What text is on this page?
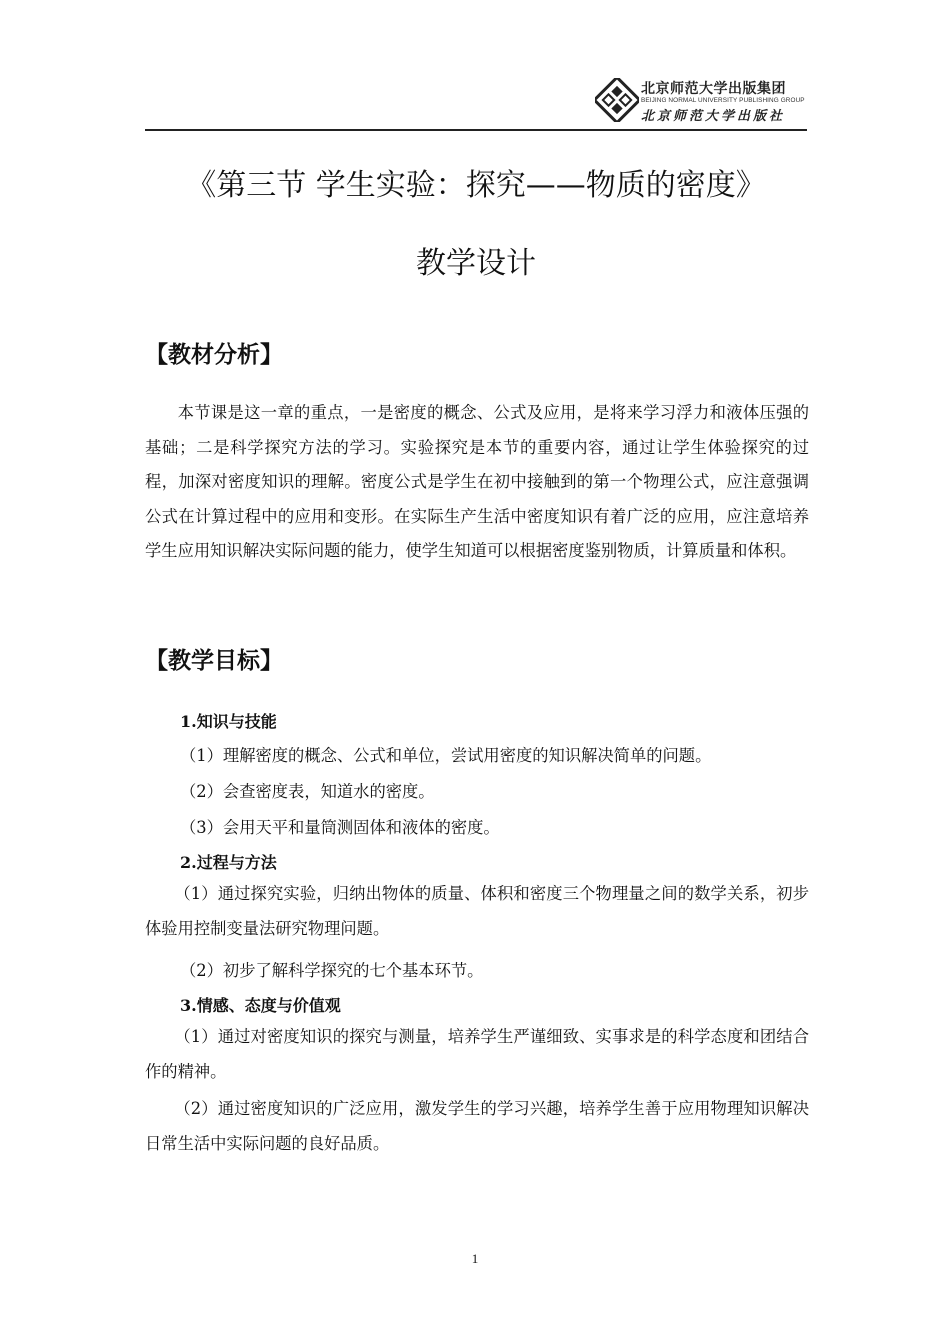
北京师范大学出版集团
BEIJING NORMAL UNIVERSITY PUBLISHING GROUP
北京师范大学出版社
《第三节 学生实验：探究——物质的密度》
教学设计
【教材分析】
本节课是这一章的重点，一是密度的概念、公式及应用，是将来学习浮力和液体压强的基础；二是科学探究方法的学习。实验探究是本节的重要内容，通过让学生体验探究的过程，加深对密度知识的理解。密度公式是学生在初中接触到的第一个物理公式，应注意强调公式在计算过程中的应用和变形。在实际生产生活中密度知识有着广泛的应用，应注意培养学生应用知识解决实际问题的能力，使学生知道可以根据密度鉴别物质，计算质量和体积。
【教学目标】
1.知识与技能
（1）理解密度的概念、公式和单位，尝试用密度的知识解决简单的问题。
（2）会查密度表，知道水的密度。
（3）会用天平和量筒测固体和液体的密度。
2.过程与方法
（1）通过探究实验，归纳出物体的质量、体积和密度三个物理量之间的数学关系，初步体验用控制变量法研究物理问题。
（2）初步了解科学探究的七个基本环节。
3.情感、态度与价值观
（1）通过对密度知识的探究与测量，培养学生严谨细致、实事求是的科学态度和团结合作的精神。
（2）通过密度知识的广泛应用，激发学生的学习兴趣，培养学生善于应用物理知识解决日常生活中实际问题的良好品质。
1
